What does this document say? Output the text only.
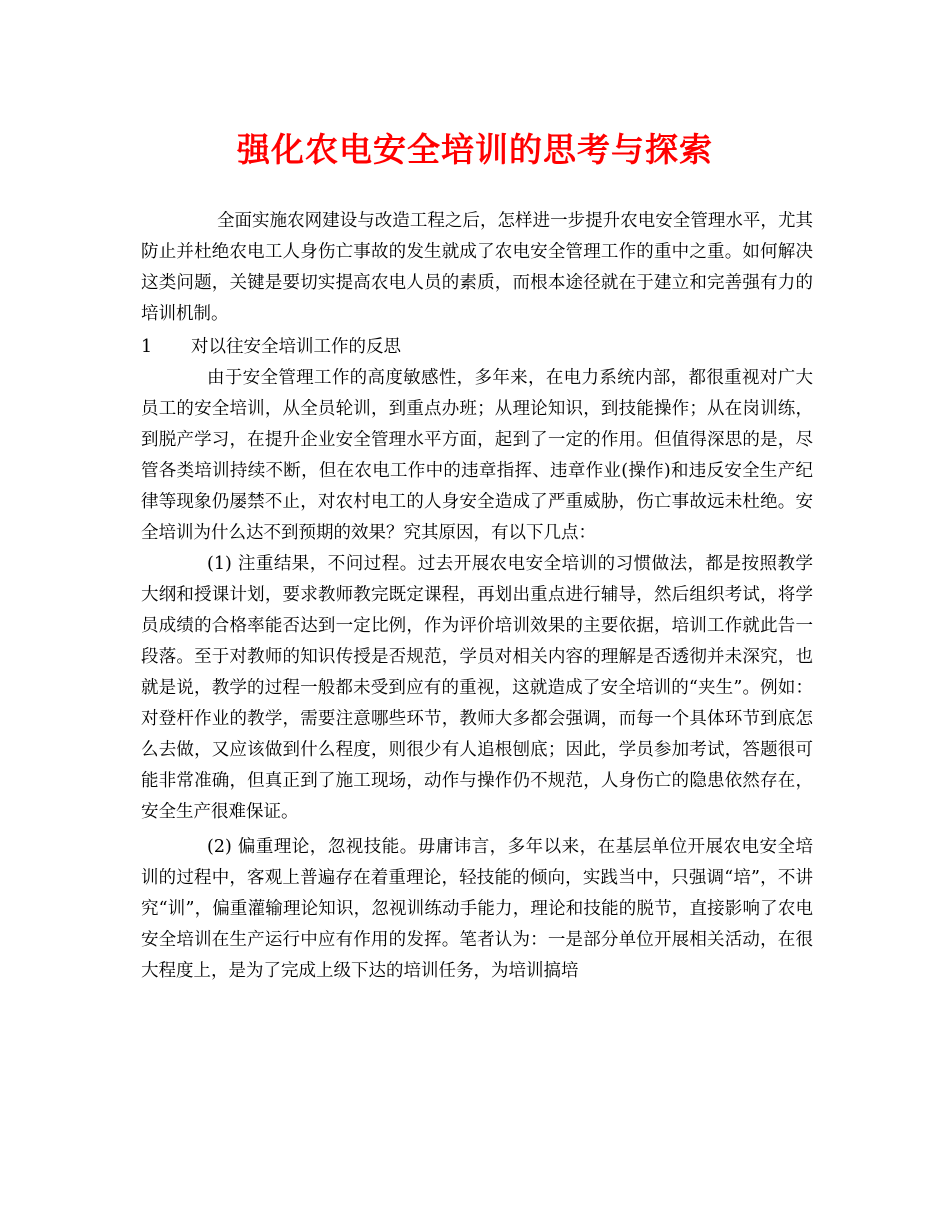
强化农电安全培训的思考与探索

全面实施农网建设与改造工程之后，怎样进一步提升农电安全管理水平，尤其防止并杜绝农电工人身伤亡事故的发生就成了农电安全管理工作的重中之重。如何解决这类问题，关键是要切实提高农电人员的素质，而根本途径就在于建立和完善强有力的培训机制。

1 对以往安全培训工作的反思

由于安全管理工作的高度敏感性，多年来，在电力系统内部，都很重视对广大员工的安全培训，从全员轮训，到重点办班；从理论知识，到技能操作；从在岗训练，到脱产学习，在提升企业安全管理水平方面，起到了一定的作用。但值得深思的是，尽管各类培训持续不断，但在农电工作中的违章指挥、违章作业(操作)和违反安全生产纪律等现象仍屡禁不止，对农村电工的人身安全造成了严重威胁，伤亡事故远未杜绝。安全培训为什么达不到预期的效果？究其原因，有以下几点：

(1) 注重结果，不问过程。过去开展农电安全培训的习惯做法，都是按照教学大纲和授课计划，要求教师教完既定课程，再划出重点进行辅导，然后组织考试，将学员成绩的合格率能否达到一定比例，作为评价培训效果的主要依据，培训工作就此告一段落。至于对教师的知识传授是否规范，学员对相关内容的理解是否透彻并未深究，也就是说，教学的过程一般都未受到应有的重视，这就造成了安全培训的“夹生”。例如：对登杆作业的教学，需要注意哪些环节，教师大多都会强调，而每一个具体环节到底怎么去做，又应该做到什么程度，则很少有人追根刨底；因此，学员参加考试，答题很可能非常准确，但真正到了施工现场，动作与操作仍不规范，人身伤亡的隐患依然存在，安全生产很难保证。

(2) 偏重理论，忽视技能。毋庸讳言，多年以来，在基层单位开展农电安全培训的过程中，客观上普遍存在着重理论，轻技能的倾向，实践当中，只强调“培”，不讲究“训”，偏重灌输理论知识，忽视训练动手能力，理论和技能的脱节，直接影响了农电安全培训在生产运行中应有作用的发挥。笔者认为：一是部分单位开展相关活动，在很大程度上，是为了完成上级下达的培训任务，为培训搞培
